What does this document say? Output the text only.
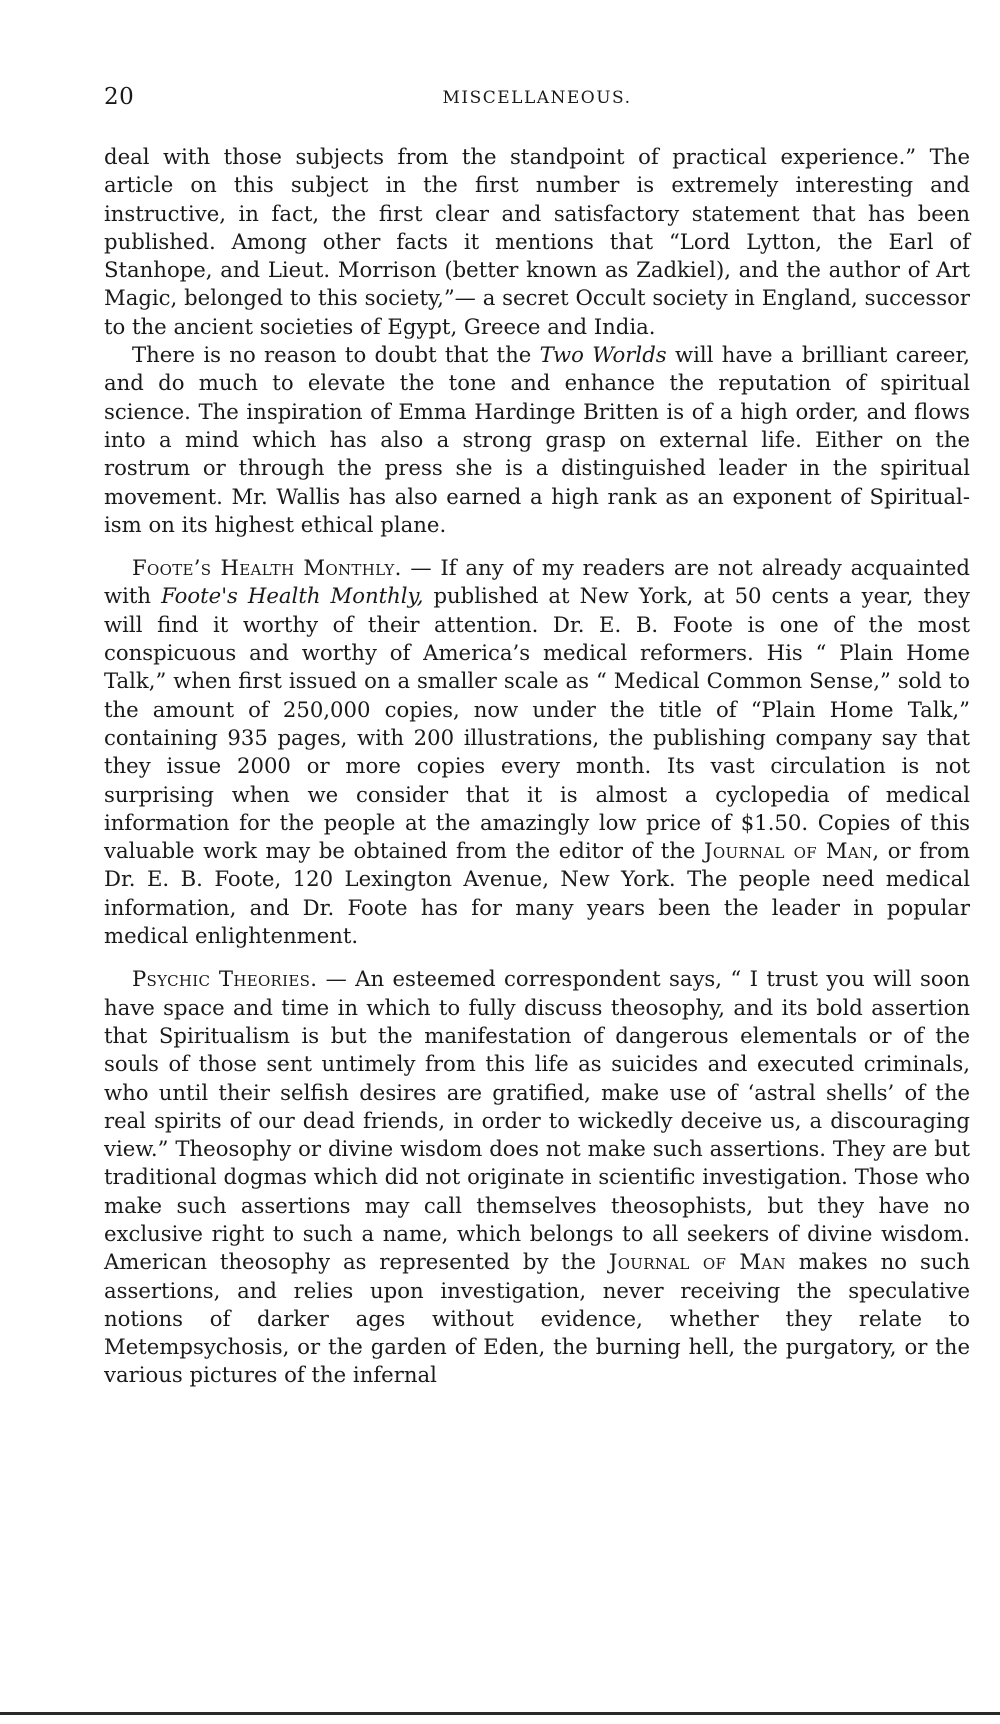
20	MISCELLANEOUS.

deal with those subjects from the standpoint of practical experience.” The article on this subject in the first number is extremely interesting and instructive, in fact, the first clear and satisfactory statement that has been published. Among other facts it mentions that “Lord Lytton, the Earl of Stanhope, and Lieut. Morrison (better known as Zadkiel), and the author of Art Magic, belonged to this society,”— a secret Occult society in England, successor to the ancient societies of Egypt, Greece and India.

There is no reason to doubt that the Two Worlds will have a brilliant career, and do much to elevate the tone and enhance the reputation of spiritual science. The inspiration of Emma Hardinge Britten is of a high order, and flows into a mind which has also a strong grasp on external life. Either on the rostrum or through the press she is a distinguished leader in the spiritual movement. Mr. Wallis has also earned a high rank as an exponent of Spiritualism on its highest ethical plane.

Foote’s Health Monthly. — If any of my readers are not already acquainted with Foote's Health Monthly, published at New York, at 50 cents a year, they will find it worthy of their attention. Dr. E. B. Foote is one of the most conspicuous and worthy of America’s medical reformers. His “ Plain Home Talk,” when first issued on a smaller scale as “ Medical Common Sense,” sold to the amount of 250,000 copies, now under the title of “Plain Home Talk,” containing 935 pages, with 200 illustrations, the publishing company say that they issue 2000 or more copies every month. Its vast circulation is not surprising when we consider that it is almost a cyclopedia of medical information for the people at the amazingly low price of $1.50. Copies of this valuable work may be obtained from the editor of the Journal of Man, or from Dr. E. B. Foote, 120 Lexington Avenue, New York. The people need medical information, and Dr. Foote has for many years been the leader in popular medical enlightenment.

Psychic Theories. — An esteemed correspondent says, “ I trust you will soon have space and time in which to fully discuss theosophy, and its bold assertion that Spiritualism is but the manifestation of dangerous elementals or of the souls of those sent untimely from this life as suicides and executed criminals, who until their selfish desires are gratified, make use of ‘astral shells’ of the real spirits of our dead friends, in order to wickedly deceive us, a discouraging view.” Theosophy or divine wisdom does not make such assertions. They are but traditional dogmas which did not originate in scientific investigation. Those who make such assertions may call themselves theosophists, but they have no exclusive right to such a name, which belongs to all seekers of divine wisdom. American theosophy as represented by the Journal of Man makes no such assertions, and relies upon investigation, never receiving the speculative notions of darker ages without evidence, whether they relate to Metempsychosis, or the garden of Eden, the burning hell, the purgatory, or the various pictures of the infernal
